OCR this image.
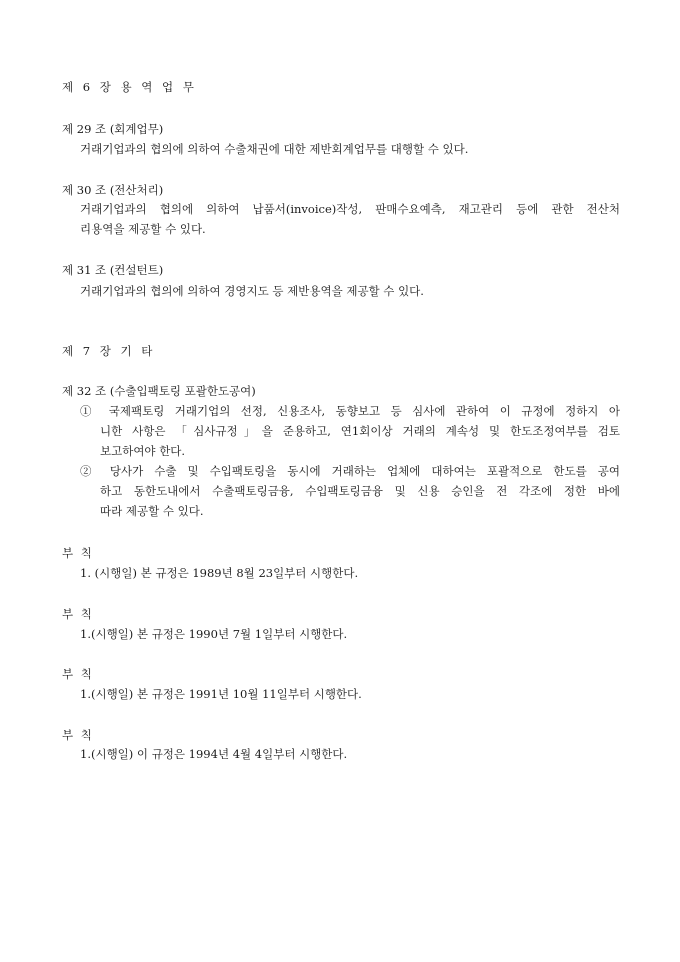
제 6 장 용 역 업 무
제 29 조 (회계업무)
거래기업과의 협의에 의하여 수출채권에 대한 제반회계업무를 대행할 수 있다.
제 30 조 (전산처리)
거래기업과의 협의에 의하여 납품서(invoice)작성, 판매수요예측, 재고관리 등에 관한 전산처
리용역을 제공할 수 있다.
제 31 조 (컨설턴트)
거래기업과의 협의에 의하여 경영지도 등 제반용역을 제공할 수 있다.
제 7 장 기 타
제 32 조 (수출입팩토링 포괄한도공여)
① 국제팩토링 거래기업의 선정, 신용조사, 동향보고 등 심사에 관하여 이 규정에 정하지 아
니한 사항은 「심사규정」을 준용하고, 연1회이상 거래의 계속성 및 한도조정여부를 검토
보고하여야 한다.
② 당사가 수출 및 수입팩토링을 동시에 거래하는 업체에 대하여는 포괄적으로 한도를 공여
하고 동한도내에서 수출팩토링금융, 수입팩토링금융 및 신용 승인을 전 각조에 정한 바에
따라 제공할 수 있다.
부 칙
1. (시행일) 본 규정은 1989년 8월 23일부터 시행한다.
부 칙
1.(시행일) 본 규정은 1990년 7월 1일부터 시행한다.
부 칙
1.(시행일) 본 규정은 1991년 10월 11일부터 시행한다.
부 칙
1.(시행일) 이 규정은 1994년 4월 4일부터 시행한다.
